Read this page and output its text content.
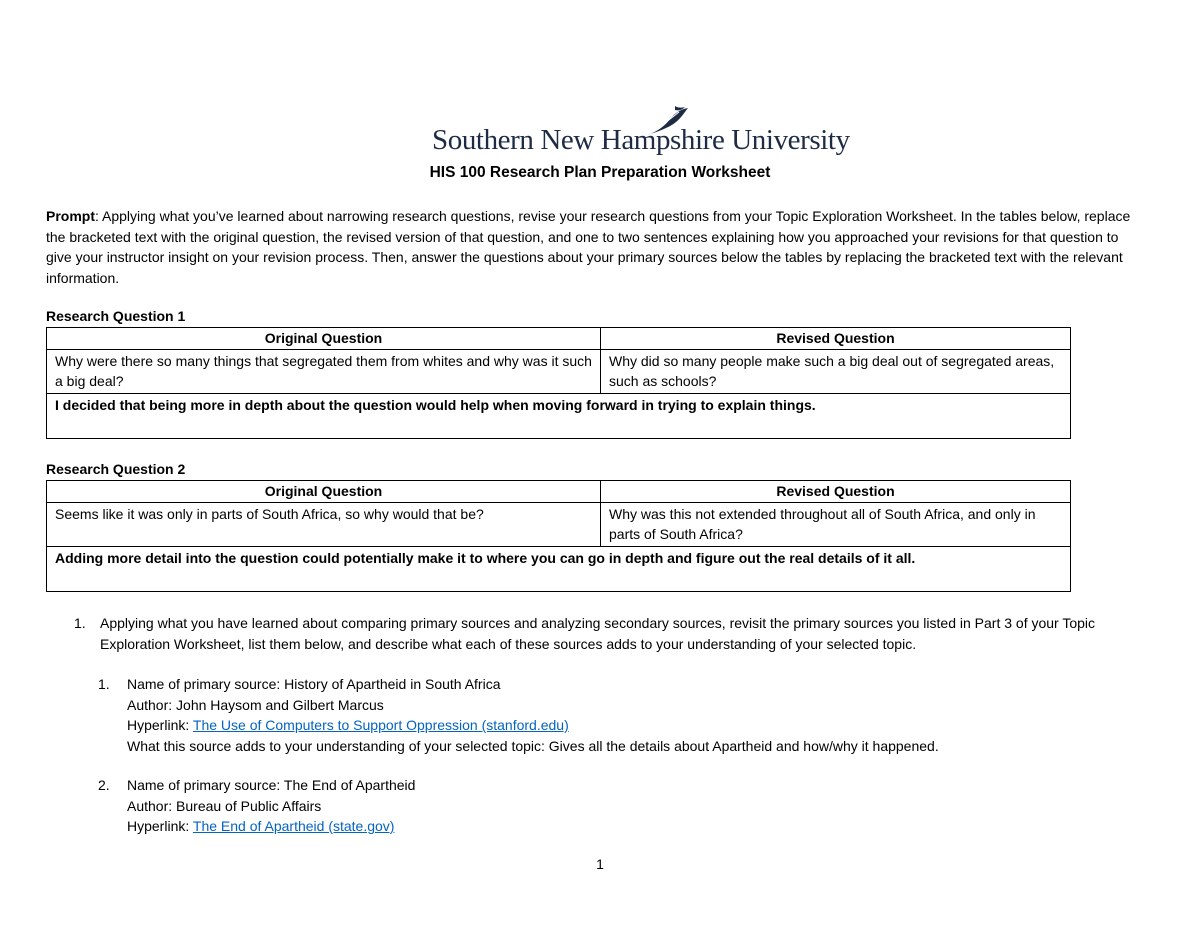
Southern New Hampshire University
HIS 100 Research Plan Preparation Worksheet
Prompt: Applying what you’ve learned about narrowing research questions, revise your research questions from your Topic Exploration Worksheet. In the tables below, replace the bracketed text with the original question, the revised version of that question, and one to two sentences explaining how you approached your revisions for that question to give your instructor insight on your revision process. Then, answer the questions about your primary sources below the tables by replacing the bracketed text with the relevant information.
Research Question 1
Original Question	Revised Question
Why were there so many things that segregated them from whites and why was it such a big deal?	Why did so many people make such a big deal out of segregated areas, such as schools?
I decided that being more in depth about the question would help when moving forward in trying to explain things.	
Research Question 2
Original Question	Revised Question
Seems like it was only in parts of South Africa, so why would that be?	Why was this not extended throughout all of South Africa, and only in parts of South Africa?
Adding more detail into the question could potentially make it to where you can go in depth and figure out the real details of it all.	
1. Applying what you have learned about comparing primary sources and analyzing secondary sources, revisit the primary sources you listed in Part 3 of your Topic Exploration Worksheet, list them below, and describe what each of these sources adds to your understanding of your selected topic.
1. Name of primary source: History of Apartheid in South Africa
Author: John Haysom and Gilbert Marcus
Hyperlink: The Use of Computers to Support Oppression (stanford.edu)
What this source adds to your understanding of your selected topic: Gives all the details about Apartheid and how/why it happened.
2. Name of primary source: The End of Apartheid
Author: Bureau of Public Affairs
Hyperlink: The End of Apartheid (state.gov)
1
